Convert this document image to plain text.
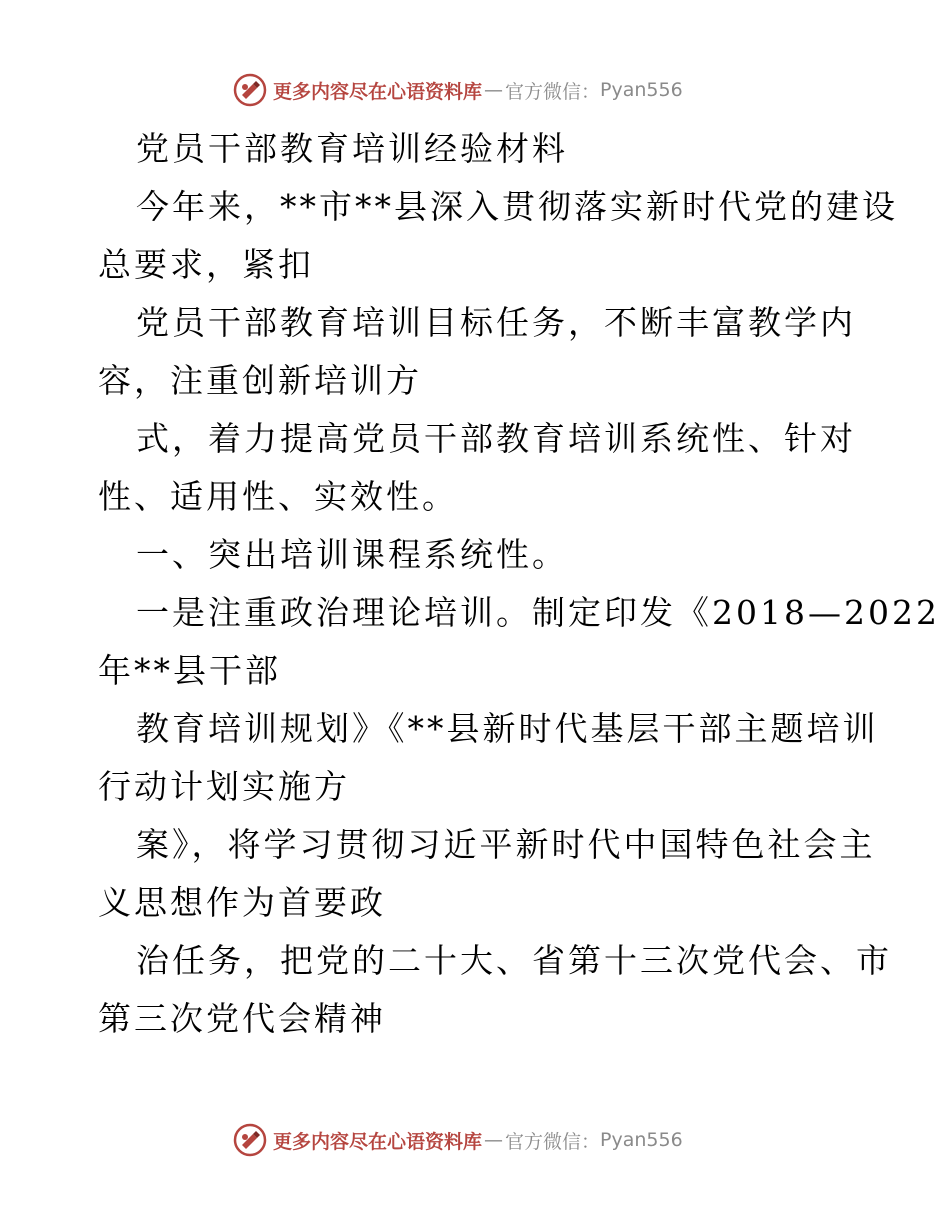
更多内容尽在心语资料库 — 官方微信： Pyan556
党员干部教育培训经验材料
今年来，**市**县深入贯彻落实新时代党的建设
总要求，紧扣
党员干部教育培训目标任务，不断丰富教学内
容，注重创新培训方
式，着力提高党员干部教育培训系统性、针对
性、适用性、实效性。
一、突出培训课程系统性。
一是注重政治理论培训。制定印发《2018—2022
年**县干部
教育培训规划》《**县新时代基层干部主题培训
行动计划实施方
案》，将学习贯彻习近平新时代中国特色社会主
义思想作为首要政
治任务，把党的二十大、省第十三次党代会、市
第三次党代会精神
更多内容尽在心语资料库 — 官方微信： Pyan556
